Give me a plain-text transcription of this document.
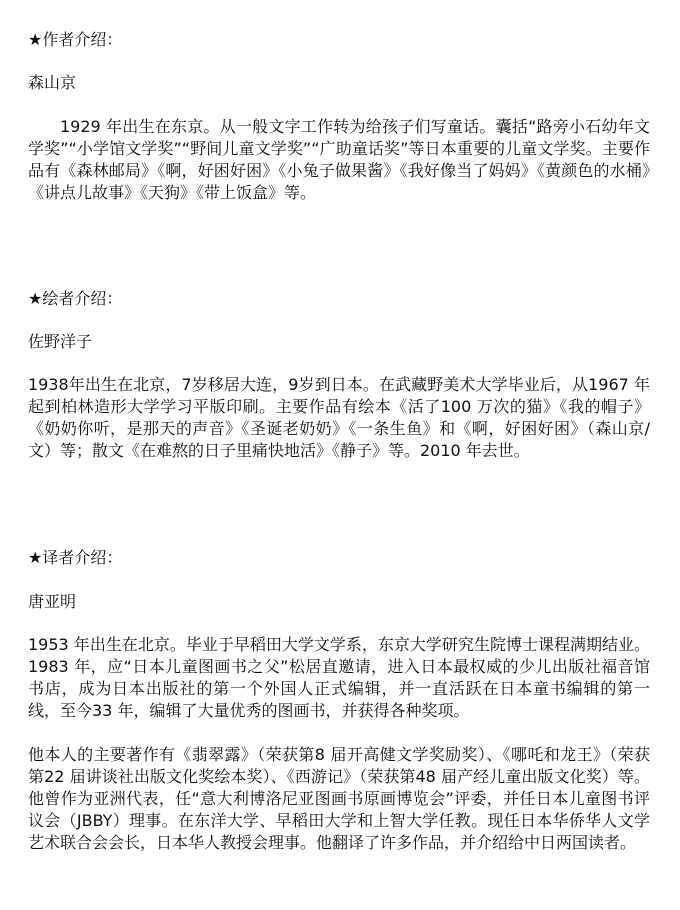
★作者介绍：
森山京
1929 年出生在东京。从一般文字工作转为给孩子们写童话。囊括“路旁小石幼年文学奖”“小学馆文学奖”“野间儿童文学奖”“广助童话奖”等日本重要的儿童文学奖。主要作品有《森林邮局》《啊，好困好困》《小兔子做果酱》《我好像当了妈妈》《黄颜色的水桶》《讲点儿故事》《天狗》《带上饭盒》等。
★绘者介绍：
佐野洋子
1938年出生在北京，7岁移居大连，9岁到日本。在武藏野美术大学毕业后，从1967 年起到柏林造形大学学习平版印刷。主要作品有绘本《活了100 万次的猫》《我的帽子》《奶奶你听，是那天的声音》《圣诞老奶奶》《一条生鱼》和《啊，好困好困》（森山京/ 文）等；散文《在难熬的日子里痛快地活》《静子》等。2010 年去世。
★译者介绍：
唐亚明
1953 年出生在北京。毕业于早稻田大学文学系，东京大学研究生院博士课程满期结业。1983 年，应“日本儿童图画书之父”松居直邀请，进入日本最权威的少儿出版社福音馆书店，成为日本出版社的第一个外国人正式编辑，并一直活跃在日本童书编辑的第一线，至今33 年，编辑了大量优秀的图画书，并获得各种奖项。
他本人的主要著作有《翡翠露》（荣获第8 届开高健文学奖励奖）、《哪吒和龙王》（荣获第22 届讲谈社出版文化奖绘本奖）、《西游记》（荣获第48 届产经儿童出版文化奖）等。他曾作为亚洲代表，任“意大利博洛尼亚图画书原画博览会”评委，并任日本儿童图书评议会（JBBY）理事。在东洋大学、早稻田大学和上智大学任教。现任日本华侨华人文学艺术联合会会长，日本华人教授会理事。他翻译了许多作品，并介绍给中日两国读者。
